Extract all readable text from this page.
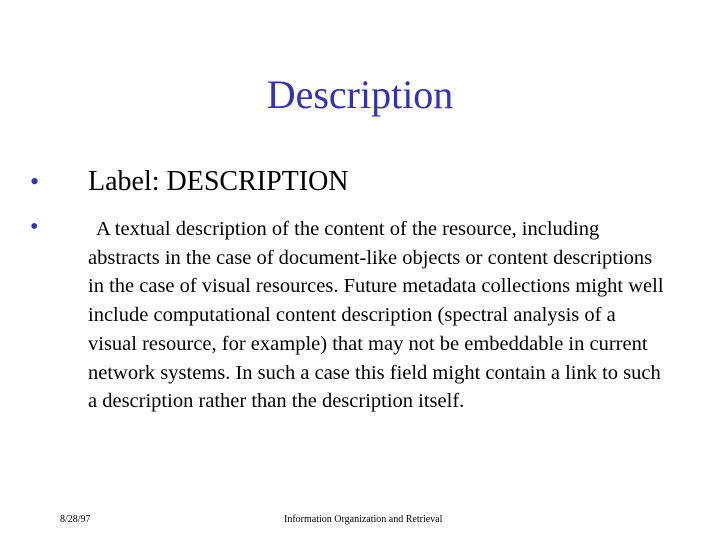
Description
• Label: DESCRIPTION
•	A textual description of the content of the resource, including abstracts in the case of document-like objects or content descriptions in the case of visual resources. Future metadata collections might well include computational content description (spectral analysis of a visual resource, for example) that may not be embeddable in current network systems. In such a case this field might contain a link to such a description rather than the description itself.
8/28/97	Information Organization and Retrieval
